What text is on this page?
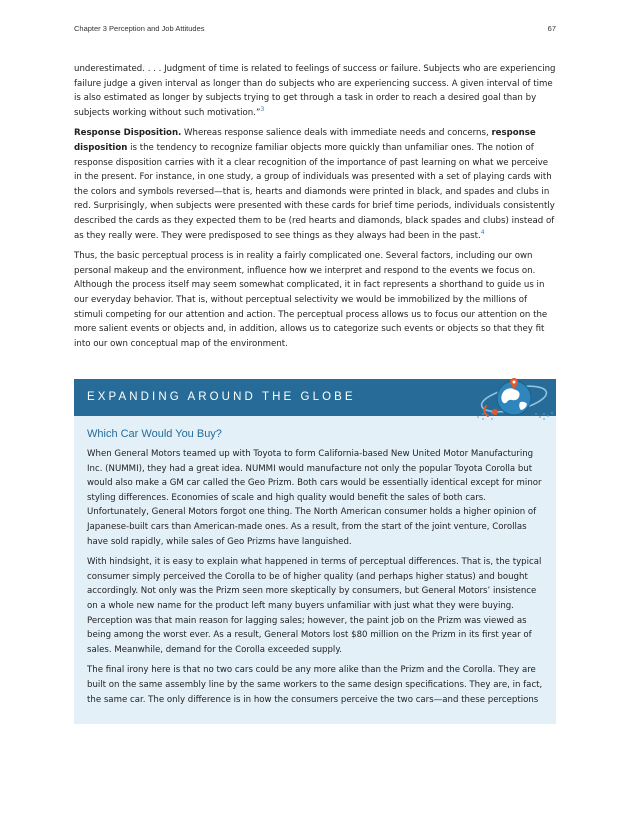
Chapter 3 Perception and Job Attitudes	67

underestimated. . . . Judgment of time is related to feelings of success or failure. Subjects who are experiencing failure judge a given interval as longer than do subjects who are experiencing success. A given interval of time is also estimated as longer by subjects trying to get through a task in order to reach a desired goal than by subjects working without such motivation.”$^3$

Response Disposition. Whereas response salience deals with immediate needs and concerns, response disposition is the tendency to recognize familiar objects more quickly than unfamiliar ones. The notion of response disposition carries with it a clear recognition of the importance of past learning on what we perceive in the present. For instance, in one study, a group of individuals was presented with a set of playing cards with the colors and symbols reversed—that is, hearts and diamonds were printed in black, and spades and clubs in red. Surprisingly, when subjects were presented with these cards for brief time periods, individuals consistently described the cards as they expected them to be (red hearts and diamonds, black spades and clubs) instead of as they really were. They were predisposed to see things as they always had been in the past.$^4$

Thus, the basic perceptual process is in reality a fairly complicated one. Several factors, including our own personal makeup and the environment, influence how we interpret and respond to the events we focus on. Although the process itself may seem somewhat complicated, it in fact represents a shorthand to guide us in our everyday behavior. That is, without perceptual selectivity we would be immobilized by the millions of stimuli competing for our attention and action. The perceptual process allows us to focus our attention on the more salient events or objects and, in addition, allows us to categorize such events or objects so that they fit into our own conceptual map of the environment.

EXPANDING AROUND THE GLOBE
Which Car Would You Buy?

When General Motors teamed up with Toyota to form California-based New United Motor Manufacturing Inc. (NUMMI), they had a great idea. NUMMI would manufacture not only the popular Toyota Corolla but would also make a GM car called the Geo Prizm. Both cars would be essentially identical except for minor styling differences. Economies of scale and high quality would benefit the sales of both cars. Unfortunately, General Motors forgot one thing. The North American consumer holds a higher opinion of Japanese-built cars than American-made ones. As a result, from the start of the joint venture, Corollas have sold rapidly, while sales of Geo Prizms have languished.

With hindsight, it is easy to explain what happened in terms of perceptual differences. That is, the typical consumer simply perceived the Corolla to be of higher quality (and perhaps higher status) and bought accordingly. Not only was the Prizm seen more skeptically by consumers, but General Motors’ insistence on a whole new name for the product left many buyers unfamiliar with just what they were buying. Perception was that main reason for lagging sales; however, the paint job on the Prizm was viewed as being among the worst ever. As a result, General Motors lost $80 million on the Prizm in its first year of sales. Meanwhile, demand for the Corolla exceeded supply.

The final irony here is that no two cars could be any more alike than the Prizm and the Corolla. They are built on the same assembly line by the same workers to the same design specifications. They are, in fact, the same car. The only difference is in how the consumers perceive the two cars—and these perceptions
